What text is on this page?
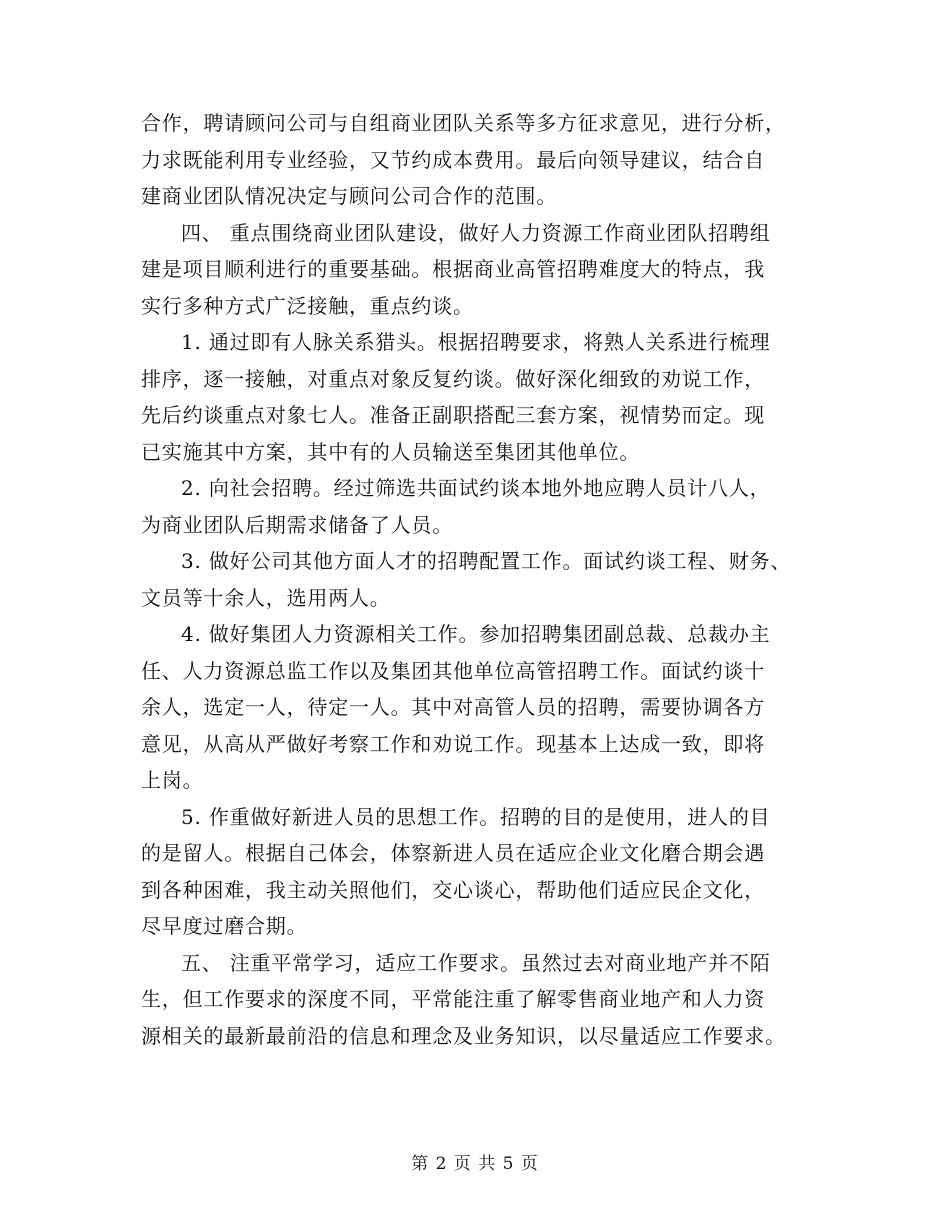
合作，聘请顾问公司与自组商业团队关系等多方征求意见，进行分析，
力求既能利用专业经验，又节约成本费用。最后向领导建议，结合自
建商业团队情况决定与顾问公司合作的范围。
四、 重点围绕商业团队建设，做好人力资源工作商业团队招聘组
建是项目顺利进行的重要基础。根据商业高管招聘难度大的特点，我
实行多种方式广泛接触，重点约谈。
1. 通过即有人脉关系猎头。根据招聘要求，将熟人关系进行梳理
排序，逐一接触，对重点对象反复约谈。做好深化细致的劝说工作，
先后约谈重点对象七人。准备正副职搭配三套方案，视情势而定。现
已实施其中方案，其中有的人员输送至集团其他单位。
2. 向社会招聘。经过筛选共面试约谈本地外地应聘人员计八人，
为商业团队后期需求储备了人员。
3. 做好公司其他方面人才的招聘配置工作。面试约谈工程、财务、
文员等十余人，选用两人。
4. 做好集团人力资源相关工作。参加招聘集团副总裁、总裁办主
任、人力资源总监工作以及集团其他单位高管招聘工作。面试约谈十
余人，选定一人，待定一人。其中对高管人员的招聘，需要协调各方
意见，从高从严做好考察工作和劝说工作。现基本上达成一致，即将
上岗。
5. 作重做好新进人员的思想工作。招聘的目的是使用，进人的目
的是留人。根据自己体会，体察新进人员在适应企业文化磨合期会遇
到各种困难，我主动关照他们，交心谈心，帮助他们适应民企文化，
尽早度过磨合期。
五、 注重平常学习，适应工作要求。虽然过去对商业地产并不陌
生，但工作要求的深度不同，平常能注重了解零售商业地产和人力资
源相关的最新最前沿的信息和理念及业务知识，以尽量适应工作要求。
第 2 页 共 5 页
